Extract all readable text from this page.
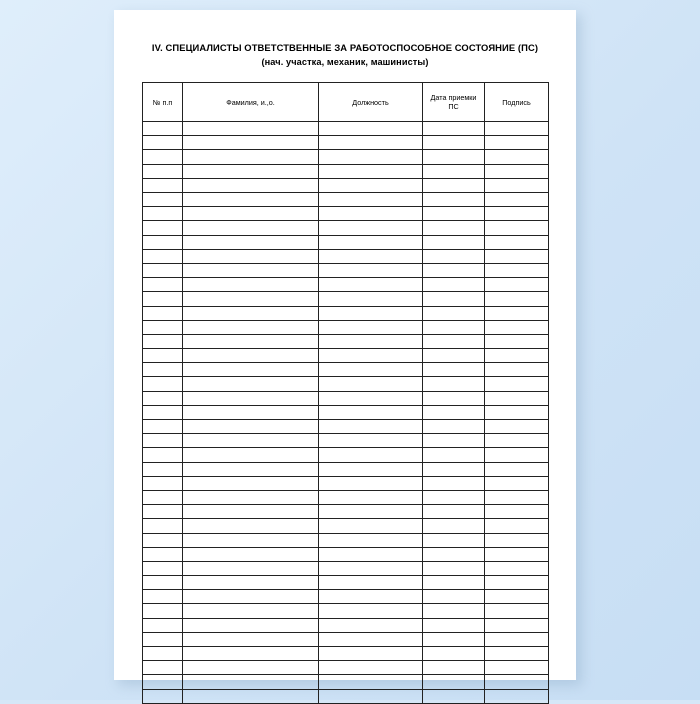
IV. СПЕЦИАЛИСТЫ ОТВЕТСТВЕННЫЕ ЗА РАБОТОСПОСОБНОЕ СОСТОЯНИЕ (ПС)
(нач. участка, механик, машинисты)
№ п.п	Фамилия, и.,о.	Должность	Дата приемки ПС	Подпись
